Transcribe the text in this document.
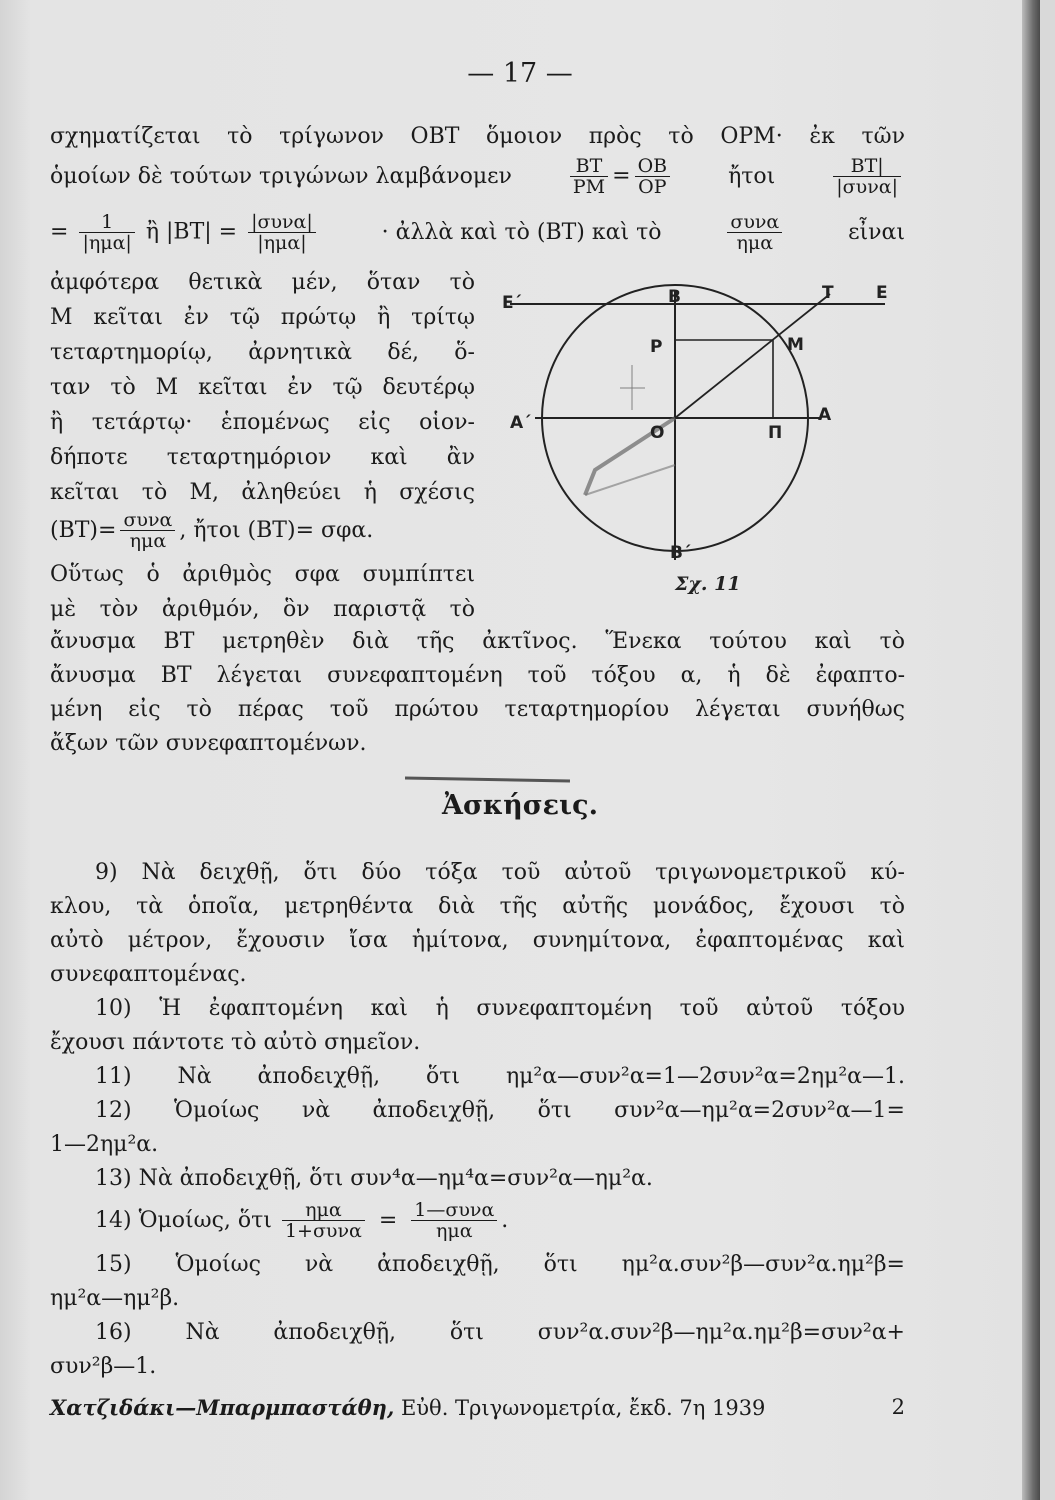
— 17 —
σχηματίζεται τὸ τρίγωνον ΟΒΤ ὅμοιον πρὸς τὸ ΟΡΜ· ἐκ τῶν
ὁμοίων δὲ τούτων τριγώνων λαμβάνομεν	$\frac{BT}{PM} = \frac{OB}{OP}$	ἤτοι	$\frac{BT|}{\text{|συνα|}}$
= $\frac{1}{\text{|ημα|}}$ ἢ $|BT| = \frac{\text{|συνα|}}{\text{|ημα|}}$	· ἀλλὰ καὶ τὸ (ΒΤ) καὶ τὸ	$\frac{\text{συνα}}{\text{ημα}}$	εἶναι
ἀμφότερα θετικὰ μέν, ὅταν τὸ
Μ κεῖται ἐν τῷ πρώτῳ ἢ τρίτῳ
τεταρτημορίῳ, ἀρνητικὰ δέ, ὅ-
ταν τὸ Μ κεῖται ἐν τῷ δευτέρῳ
ἢ τετάρτῳ· ἑπομένως εἰς οἱον-
δήποτε τεταρτημόριον καὶ ἂν
κεῖται τὸ Μ, ἀληθεύει ἡ σχέσις
$(BT)= \frac{\text{συνα}}{\text{ημα}}$ , ἤτοι (ΒΤ)= σφα.
Οὕτως ὁ ἀριθμὸς σφα συμπίπτει
μὲ τὸν ἀριθμόν, ὃν παριστᾷ τὸ
ἄνυσμα ΒΤ μετρηθὲν διὰ τῆς ἀκτῖνος. Ἕνεκα τούτου καὶ τὸ
ἄνυσμα ΒΤ λέγεται συνεφαπτομένη τοῦ τόξου α, ἡ δὲ ἐφαπτο-
μένη εἰς τὸ πέρας τοῦ πρώτου τεταρτημορίου λέγεται συνήθως
ἄξων τῶν συνεφαπτομένων.
Ε΄	Β	Τ Ε
Ρ	Μ
Α΄	Ο	Π
Α
Β΄
Σχ. 11
Ἀσκήσεις.
9) Νὰ δειχθῇ, ὅτι δύο τόξα τοῦ αὐτοῦ τριγωνομετρικοῦ κύ-
κλου, τὰ ὁποῖα, μετρηθέντα διὰ τῆς αὐτῆς μονάδος, ἔχουσι τὸ
αὐτὸ μέτρον, ἔχουσιν ἴσα ἡμίτονα, συνημίτονα, ἐφαπτομένας καὶ
συνεφαπτομένας.
10) Ἡ ἐφαπτομένη καὶ ἡ συνεφαπτομένη τοῦ αὐτοῦ τόξου
ἔχουσι πάντοτε τὸ αὐτὸ σημεῖον.
11) Νὰ ἀποδειχθῇ, ὅτι ημ²α—συν²α=1—2συν²α=2ημ²α—1.
12) Ὁμοίως νὰ ἀποδειχθῇ, ὅτι συν²α—ημ²α=2συν²α—1=
1—2ημ²α.
13) Νὰ ἀποδειχθῇ, ὅτι συν⁴α—ημ⁴α=συν²α—ημ²α.
14) Ὁμοίως, ὅτι $\frac{\text{ημα}}{\text{1+συνα}} = \frac{\text{1—συνα}}{\text{ημα}}$ .
15) Ὁμοίως νὰ ἀποδειχθῇ, ὅτι ημ²α.συν²β—συν²α.ημ²β=
ημ²α—ημ²β.
16) Νὰ ἀποδειχθῇ, ὅτι συν²α.συν²β—ημ²α.ημ²β=συν²α+
συν²β—1.
Χατζιδάκι—Μπαρμπαστάθη, Εὐθ. Τριγωνομετρία, ἔκδ. 7η 1939	2
